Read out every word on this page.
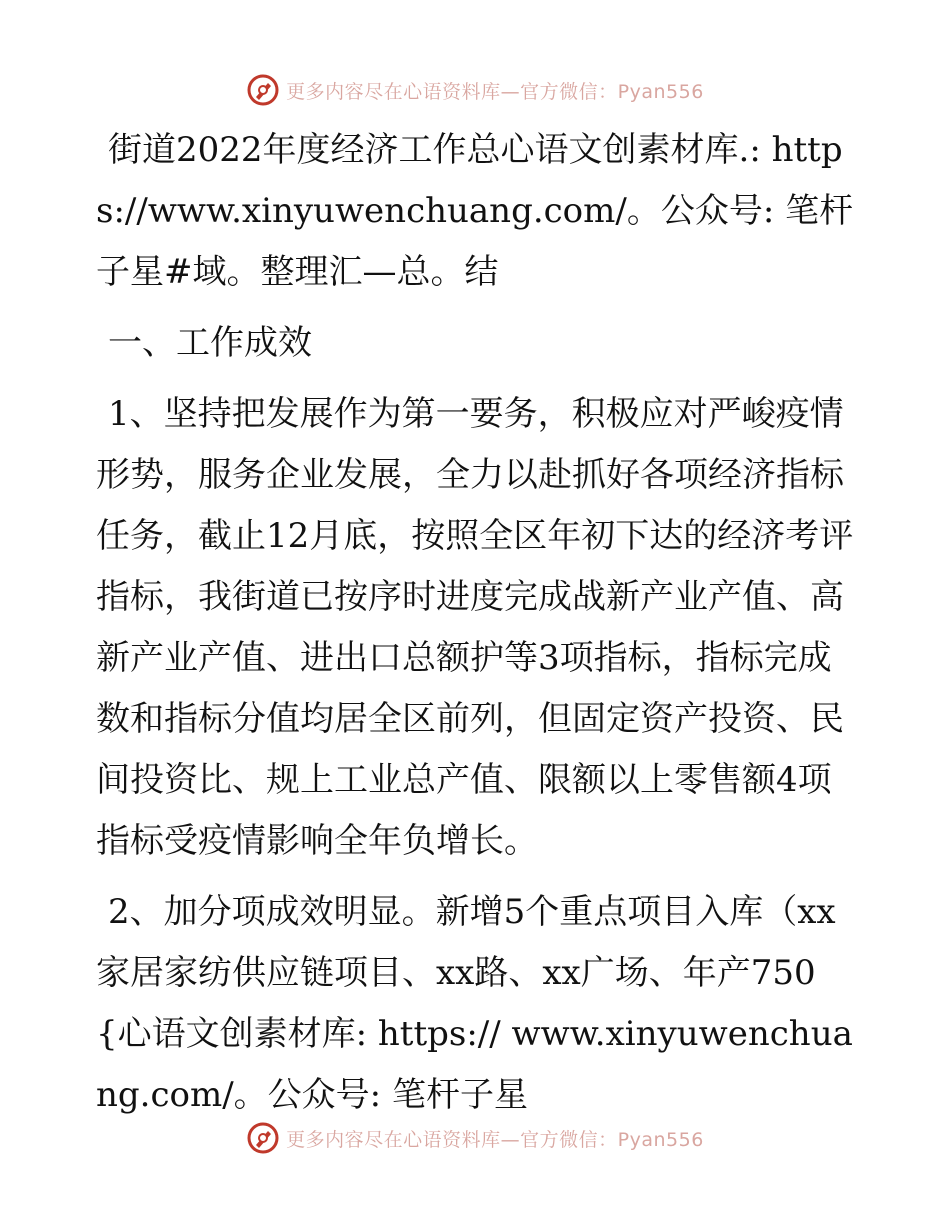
更多内容尽在心语资料库—官方微信：Pyan556

街道2022年度经济工作总心语文创素材库.: https://www.xinyuwenchuang.com/。公众号: 笔杆子星#域。整理汇—总。结

一、工作成效

1、坚持把发展作为第一要务，积极应对严峻疫情形势，服务企业发展，全力以赴抓好各项经济指标任务，截止12月底，按照全区年初下达的经济考评指标，我街道已按序时进度完成战新产业产值、高新产业产值、进出口总额护等3项指标，指标完成数和指标分值均居全区前列，但固定资产投资、民间投资比、规上工业总产值、限额以上零售额4项指标受疫情影响全年负增长。

2、加分项成效明显。新增5个重点项目入库（xx家居家纺供应链项目、xx路、xx广场、年产750{心语文创素材库: https:// www.xinyuwenchuang.com/。公众号: 笔杆子星

更多内容尽在心语资料库—官方微信：Pyan556
